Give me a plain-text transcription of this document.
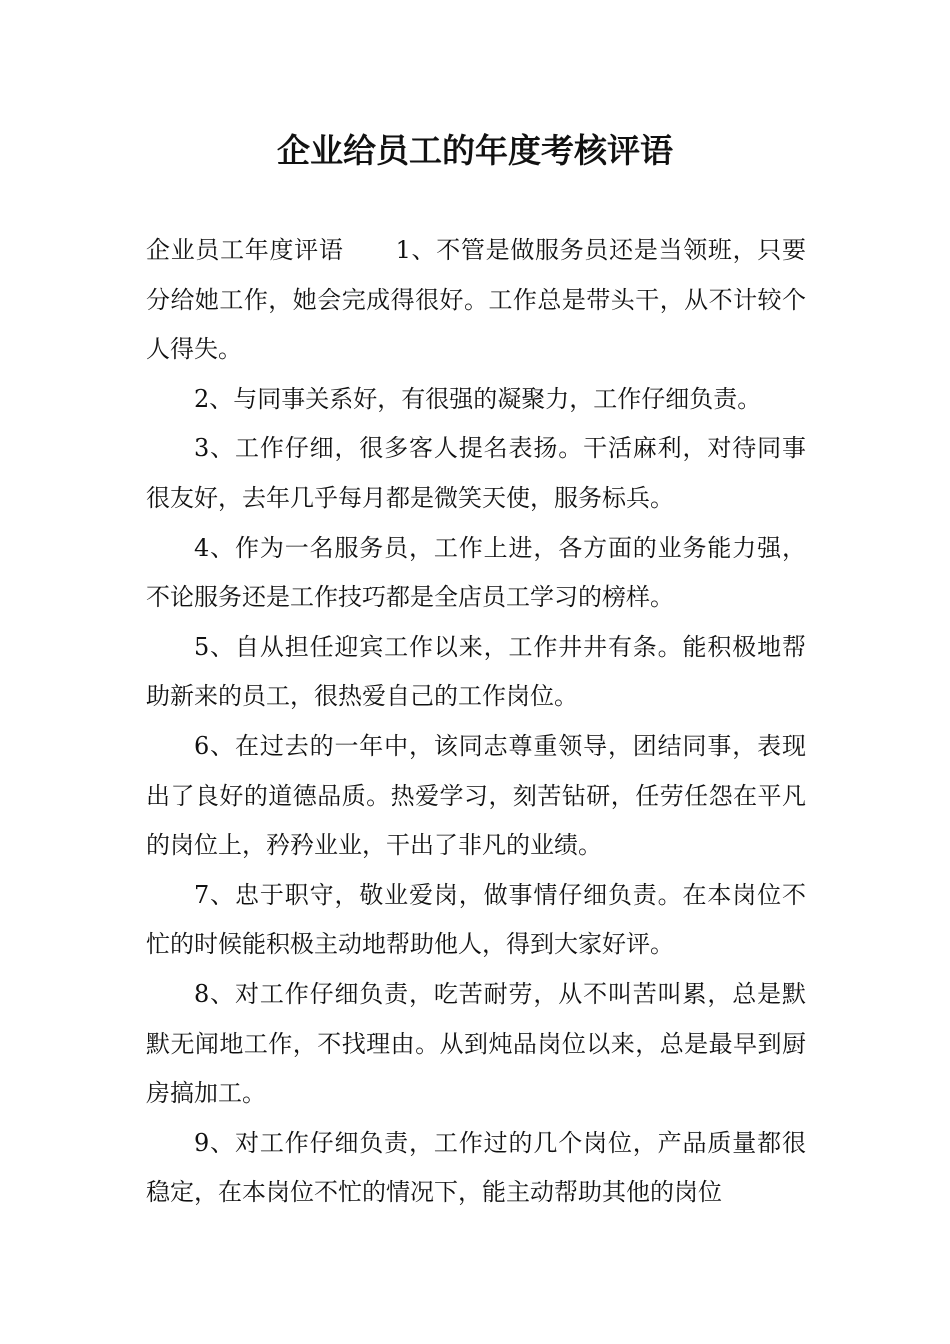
企业给员工的年度考核评语

企业员工年度评语 1、不管是做服务员还是当领班，只要分给她工作，她会完成得很好。工作总是带头干，从不计较个人得失。

2、与同事关系好，有很强的凝聚力，工作仔细负责。

3、工作仔细，很多客人提名表扬。干活麻利，对待同事很友好，去年几乎每月都是微笑天使，服务标兵。

4、作为一名服务员，工作上进，各方面的业务能力强，不论服务还是工作技巧都是全店员工学习的榜样。

5、自从担任迎宾工作以来，工作井井有条。能积极地帮助新来的员工，很热爱自己的工作岗位。

6、在过去的一年中，该同志尊重领导，团结同事，表现出了良好的道德品质。热爱学习，刻苦钻研，任劳任怨在平凡的岗位上，矜矜业业，干出了非凡的业绩。

7、忠于职守，敬业爱岗，做事情仔细负责。在本岗位不忙的时候能积极主动地帮助他人，得到大家好评。

8、对工作仔细负责，吃苦耐劳，从不叫苦叫累，总是默默无闻地工作，不找理由。从到炖品岗位以来，总是最早到厨房搞加工。

9、对工作仔细负责，工作过的几个岗位，产品质量都很稳定，在本岗位不忙的情况下，能主动帮助其他的岗位
